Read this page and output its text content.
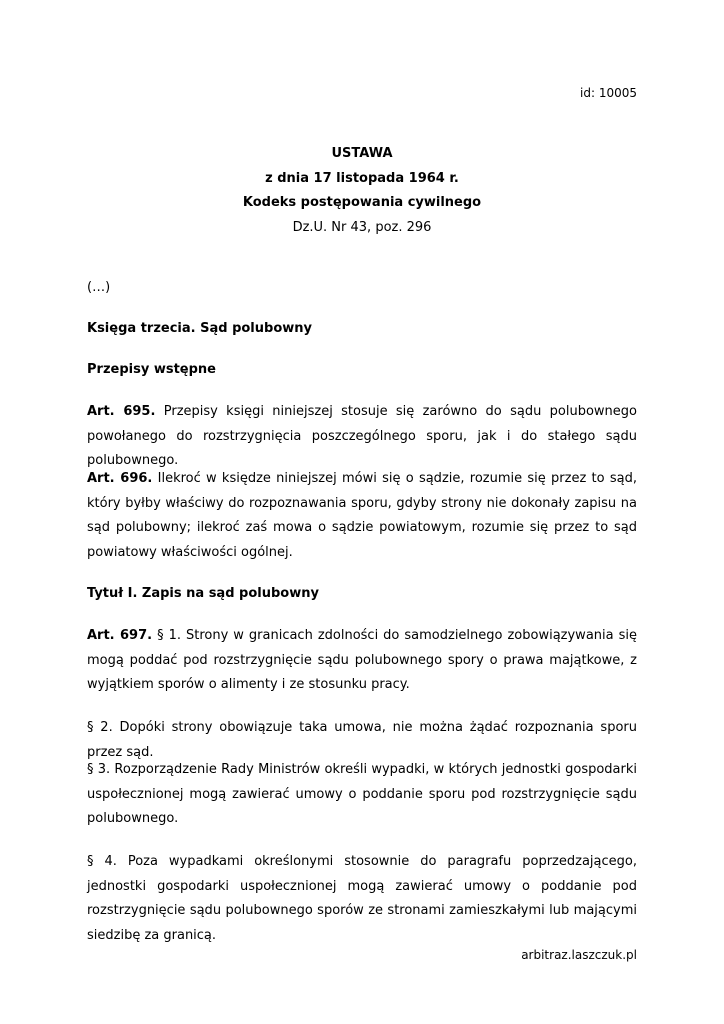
id: 10005
USTAWA
z dnia 17 listopada 1964 r.
Kodeks postępowania cywilnego
Dz.U. Nr 43, poz. 296
(…)
Księga trzecia. Sąd polubowny
Przepisy wstępne
Art. 695. Przepisy księgi niniejszej stosuje się zarówno do sądu polubownego powołanego do rozstrzygnięcia poszczególnego sporu, jak i do stałego sądu polubownego.
Art. 696. Ilekroć w księdze niniejszej mówi się o sądzie, rozumie się przez to sąd, który byłby właściwy do rozpoznawania sporu, gdyby strony nie dokonały zapisu na sąd polubowny; ilekroć zaś mowa o sądzie powiatowym, rozumie się przez to sąd powiatowy właściwości ogólnej.
Tytuł I. Zapis na sąd polubowny
Art. 697. § 1. Strony w granicach zdolności do samodzielnego zobowiązywania się mogą poddać pod rozstrzygnięcie sądu polubownego spory o prawa majątkowe, z wyjątkiem sporów o alimenty i ze stosunku pracy.
§ 2. Dopóki strony obowiązuje taka umowa, nie można żądać rozpoznania sporu przez sąd.
§ 3. Rozporządzenie Rady Ministrów określi wypadki, w których jednostki gospodarki uspołecznionej mogą zawierać umowy o poddanie sporu pod rozstrzygnięcie sądu polubownego.
§ 4. Poza wypadkami określonymi stosownie do paragrafu poprzedzającego, jednostki gospodarki uspołecznionej mogą zawierać umowy o poddanie pod rozstrzygnięcie sądu polubownego sporów ze stronami zamieszkałymi lub mającymi siedzibę za granicą.
arbitraz.laszczuk.pl
